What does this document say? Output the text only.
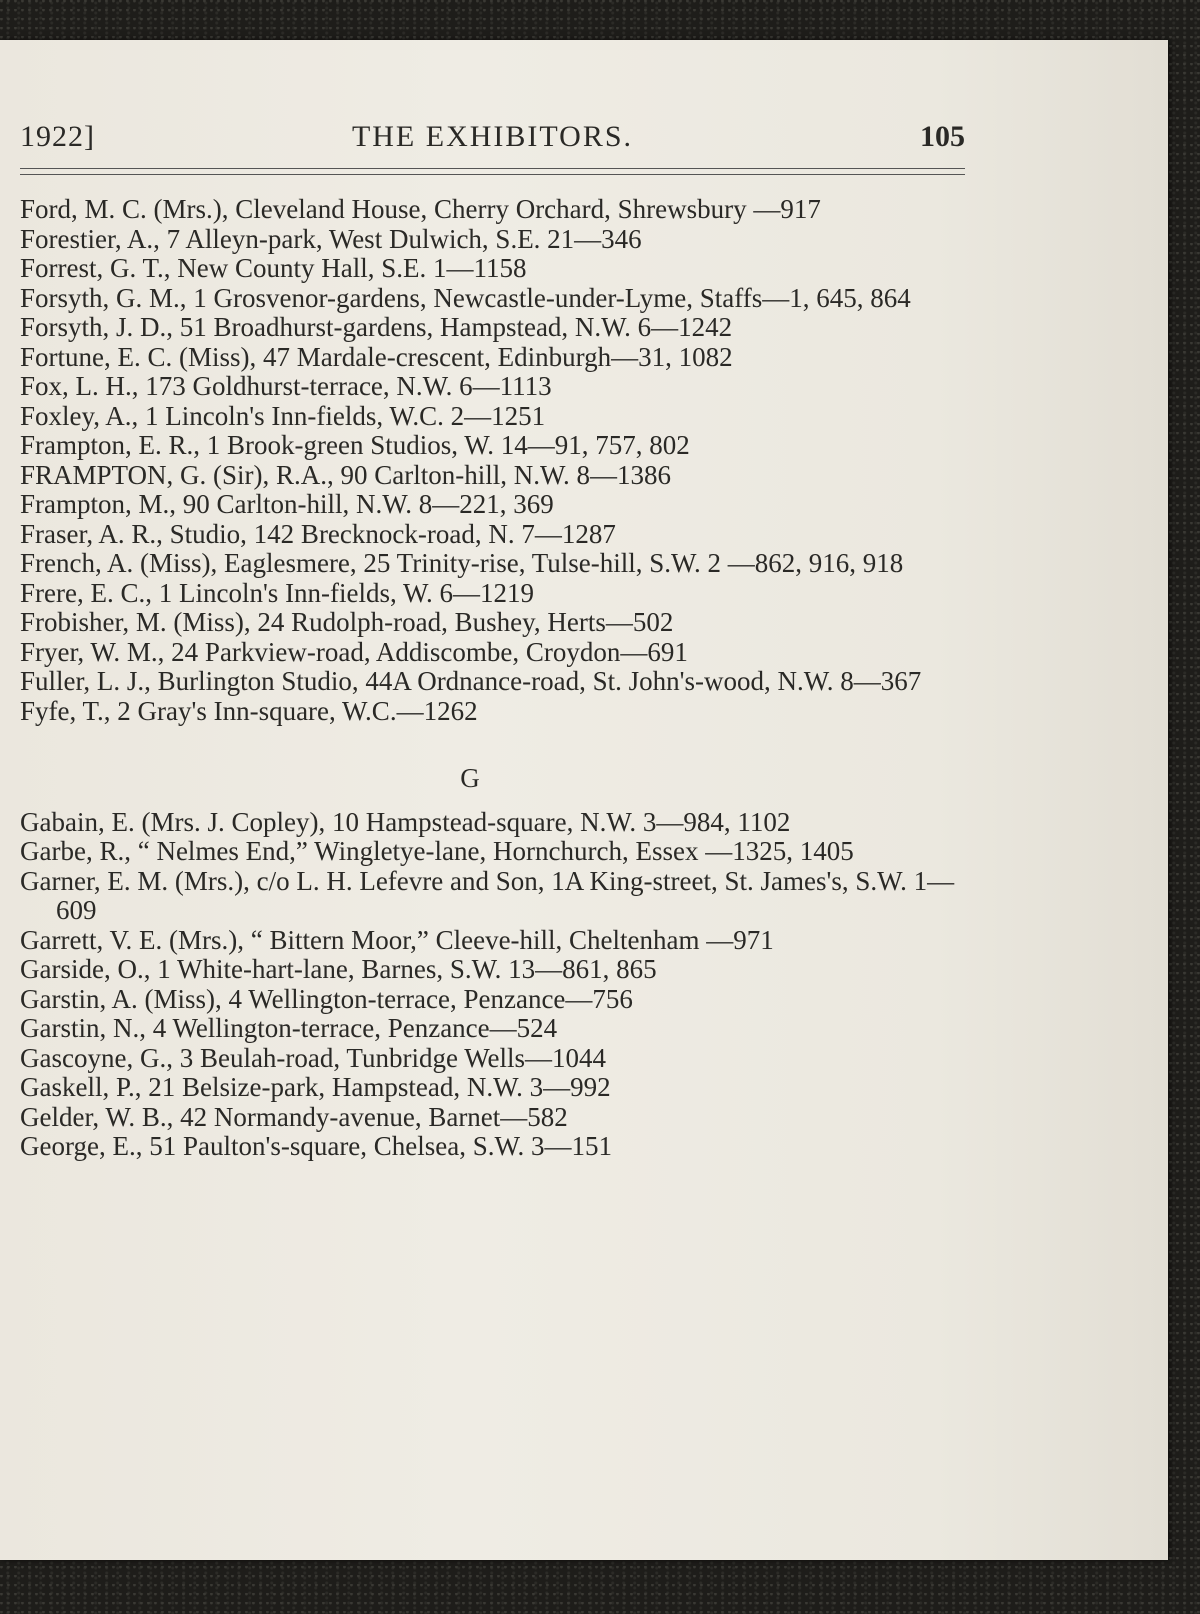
1922]	THE EXHIBITORS.	105

Ford, M. C. (Mrs.), Cleveland House, Cherry Orchard, Shrewsbury —917

Forestier, A., 7 Alleyn-park, West Dulwich, S.E. 21—346

Forrest, G. T., New County Hall, S.E. 1—1158

Forsyth, G. M., 1 Grosvenor-gardens, Newcastle-under-Lyme, Staffs—1, 645, 864

Forsyth, J. D., 51 Broadhurst-gardens, Hampstead, N.W. 6—1242

Fortune, E. C. (Miss), 47 Mardale-crescent, Edinburgh—31, 1082

Fox, L. H., 173 Goldhurst-terrace, N.W. 6—1113

Foxley, A., 1 Lincoln's Inn-fields, W.C. 2—1251

Frampton, E. R., 1 Brook-green Studios, W. 14—91, 757, 802

FRAMPTON, G. (Sir), R.A., 90 Carlton-hill, N.W. 8—1386

Frampton, M., 90 Carlton-hill, N.W. 8—221, 369

Fraser, A. R., Studio, 142 Brecknock-road, N. 7—1287

French, A. (Miss), Eaglesmere, 25 Trinity-rise, Tulse-hill, S.W. 2 —862, 916, 918

Frere, E. C., 1 Lincoln's Inn-fields, W. 6—1219

Frobisher, M. (Miss), 24 Rudolph-road, Bushey, Herts—502

Fryer, W. M., 24 Parkview-road, Addiscombe, Croydon—691

Fuller, L. J., Burlington Studio, 44A Ordnance-road, St. John's-wood, N.W. 8—367

Fyfe, T., 2 Gray's Inn-square, W.C.—1262

G

Gabain, E. (Mrs. J. Copley), 10 Hampstead-square, N.W. 3—984, 1102

Garbe, R., “ Nelmes End,” Wingletye-lane, Hornchurch, Essex —1325, 1405

Garner, E. M. (Mrs.), c/o L. H. Lefevre and Son, 1A King-street, St. James's, S.W. 1—609

Garrett, V. E. (Mrs.), “ Bittern Moor,” Cleeve-hill, Cheltenham —971

Garside, O., 1 White-hart-lane, Barnes, S.W. 13—861, 865

Garstin, A. (Miss), 4 Wellington-terrace, Penzance—756

Garstin, N., 4 Wellington-terrace, Penzance—524

Gascoyne, G., 3 Beulah-road, Tunbridge Wells—1044

Gaskell, P., 21 Belsize-park, Hampstead, N.W. 3—992

Gelder, W. B., 42 Normandy-avenue, Barnet—582

George, E., 51 Paulton's-square, Chelsea, S.W. 3—151
